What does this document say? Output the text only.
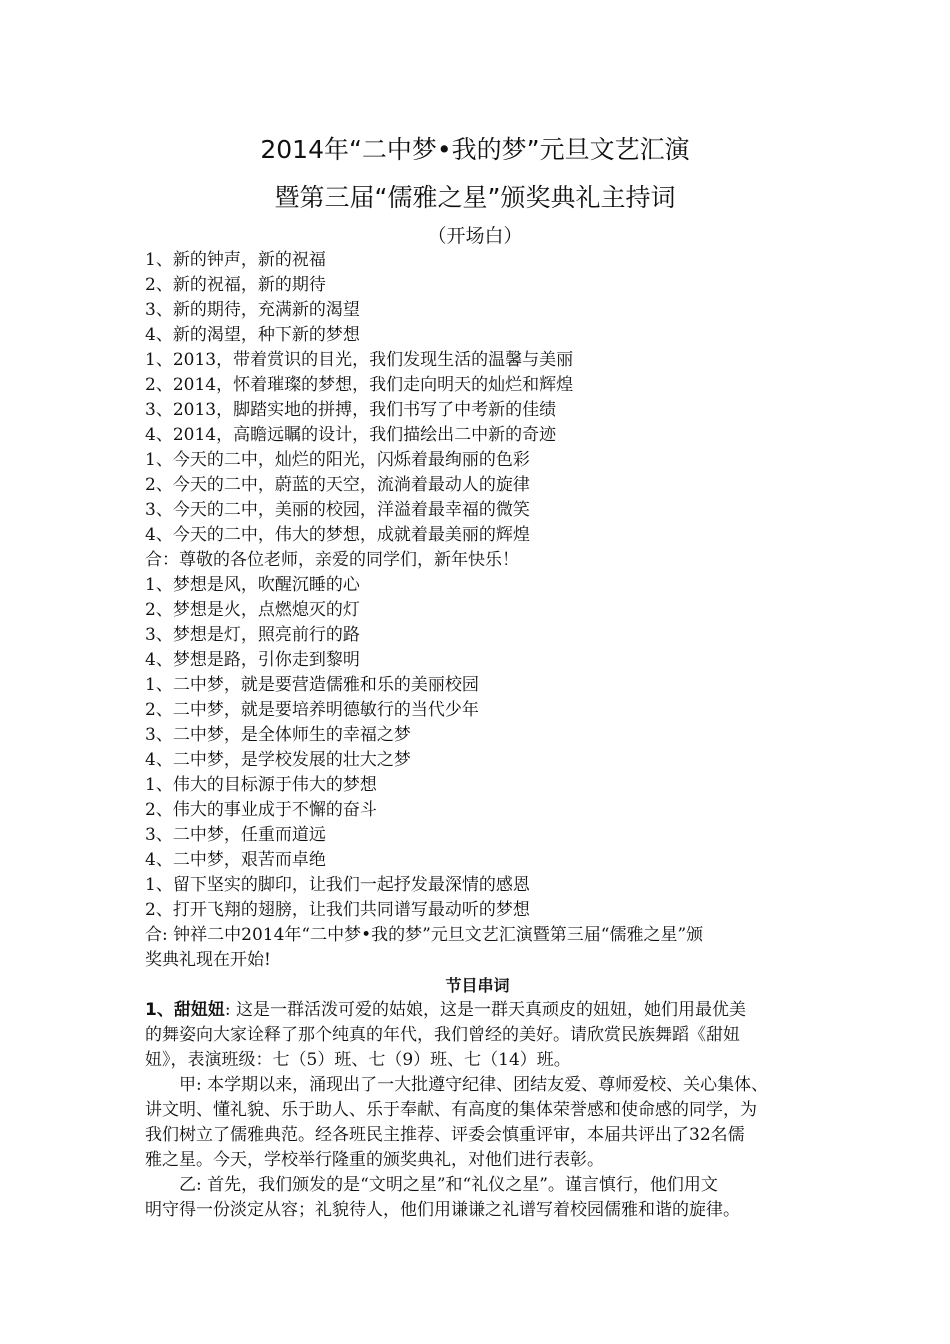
2014年“二中梦•我的梦”元旦文艺汇演
暨第三届“儒雅之星”颁奖典礼主持词
（开场白）
1、新的钟声，新的祝福
2、新的祝福，新的期待
3、新的期待，充满新的渴望
4、新的渴望，种下新的梦想
1、2013，带着赏识的目光，我们发现生活的温馨与美丽
2、2014，怀着璀璨的梦想，我们走向明天的灿烂和辉煌
3、2013，脚踏实地的拼搏，我们书写了中考新的佳绩
4、2014，高瞻远瞩的设计，我们描绘出二中新的奇迹
1、今天的二中，灿烂的阳光，闪烁着最绚丽的色彩
2、今天的二中，蔚蓝的天空，流淌着最动人的旋律
3、今天的二中，美丽的校园，洋溢着最幸福的微笑
4、今天的二中，伟大的梦想，成就着最美丽的辉煌
合：尊敬的各位老师，亲爱的同学们，新年快乐！
1、梦想是风，吹醒沉睡的心
2、梦想是火，点燃熄灭的灯
3、梦想是灯，照亮前行的路
4、梦想是路，引你走到黎明
1、二中梦，就是要营造儒雅和乐的美丽校园
2、二中梦，就是要培养明德敏行的当代少年
3、二中梦，是全体师生的幸福之梦
4、二中梦，是学校发展的壮大之梦
1、伟大的目标源于伟大的梦想
2、伟大的事业成于不懈的奋斗
3、二中梦，任重而道远
4、二中梦，艰苦而卓绝
1、留下坚实的脚印，让我们一起抒发最深情的感恩
2、打开飞翔的翅膀，让我们共同谱写最动听的梦想
合: 钟祥二中2014年“二中梦•我的梦”元旦文艺汇演暨第三届“儒雅之星”颁
奖典礼现在开始!
节目串词
1、甜妞妞: 这是一群活泼可爱的姑娘，这是一群天真顽皮的妞妞，她们用最优美
的舞姿向大家诠释了那个纯真的年代，我们曾经的美好。请欣赏民族舞蹈《甜妞
妞》，表演班级：七（5）班、七（9）班、七（14）班。
甲: 本学期以来，涌现出了一大批遵守纪律、团结友爱、尊师爱校、关心集体、
讲文明、懂礼貌、乐于助人、乐于奉献、有高度的集体荣誉感和使命感的同学，为
我们树立了儒雅典范。经各班民主推荐、评委会慎重评审，本届共评出了32名儒
雅之星。今天，学校举行隆重的颁奖典礼，对他们进行表彰。
乙: 首先，我们颁发的是“文明之星”和“礼仪之星”。谨言慎行，他们用文
明守得一份淡定从容；礼貌待人，他们用谦谦之礼谱写着校园儒雅和谐的旋律。
